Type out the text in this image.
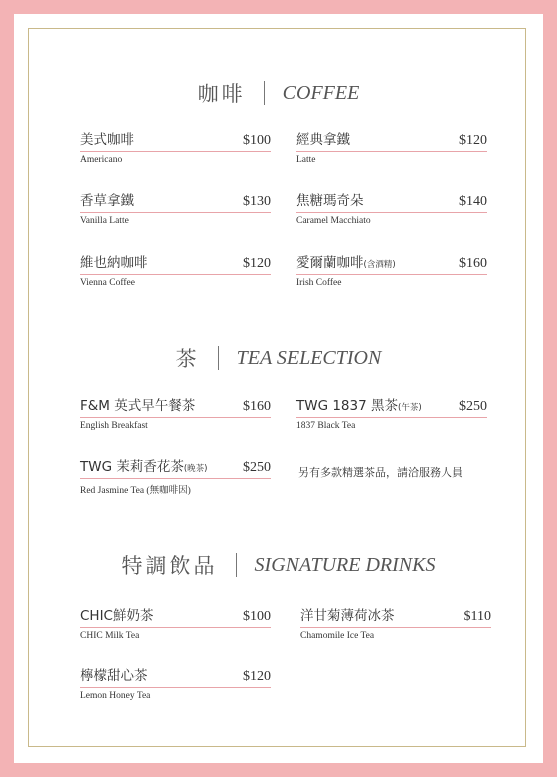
咖啡 COFFEE
美式咖啡	$100
Americano
經典拿鐵	$120
Latte
香草拿鐵	$130
Vanilla Latte
焦糖瑪奇朵	$140
Caramel Macchiato
維也納咖啡	$120
Vienna Coffee
愛爾蘭咖啡(含酒精)	$160
Irish Coffee
茶 TEA SELECTION
F&M 英式早午餐茶	$160
English Breakfast
TWG 1837 黑茶(午茶)	$250
1837 Black Tea
TWG 茉莉香花茶(晚茶)	$250
Red Jasmine Tea (無咖啡因)
另有多款精選茶品，請洽服務人員
特調飲品 SIGNATURE DRINKS
CHIC鮮奶茶	$100
CHIC Milk Tea
洋甘菊薄荷冰茶	$110
Chamomile Ice Tea
檸檬甜心茶	$120
Lemon Honey Tea
